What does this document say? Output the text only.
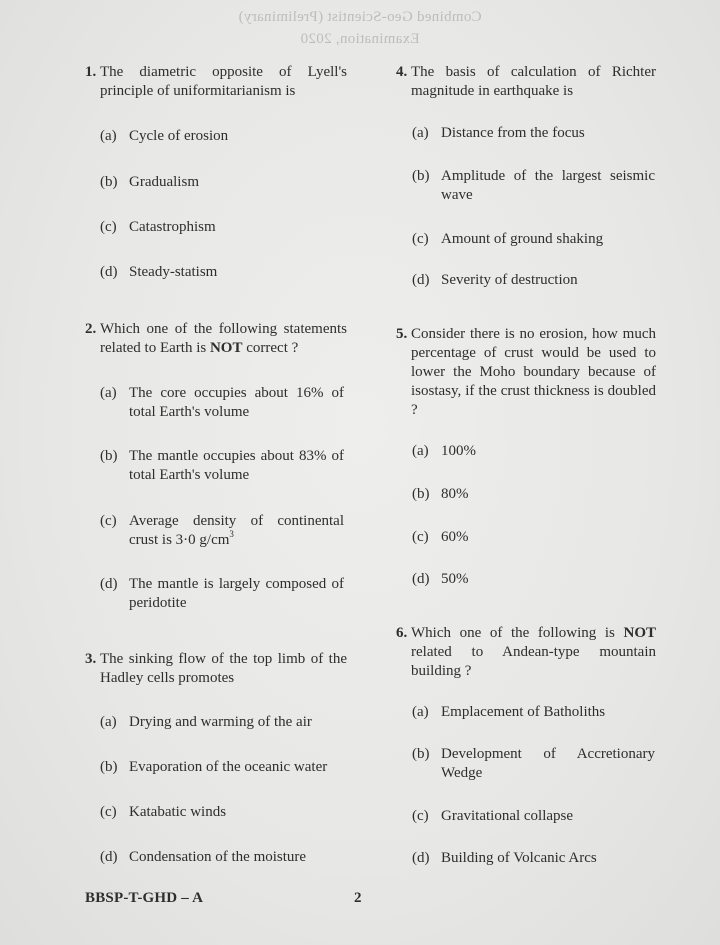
Combined Geo-Scientist (Preliminary)
Examination, 2020
1. The diametric opposite of Lyell's principle of uniformitarianism is
(a) Cycle of erosion
(b) Gradualism
(c) Catastrophism
(d) Steady-statism
2. Which one of the following statements related to Earth is NOT correct ?
(a) The core occupies about 16% of total Earth's volume
(b) The mantle occupies about 83% of total Earth's volume
(c) Average density of continental crust is 3·0 $g/cm^3$
(d) The mantle is largely composed of peridotite
3. The sinking flow of the top limb of the Hadley cells promotes
(a) Drying and warming of the air
(b) Evaporation of the oceanic water
(c) Katabatic winds
(d) Condensation of the moisture
4. The basis of calculation of Richter magnitude in earthquake is
(a) Distance from the focus
(b) Amplitude of the largest seismic wave
(c) Amount of ground shaking
(d) Severity of destruction
5. Consider there is no erosion, how much percentage of crust would be used to lower the Moho boundary because of isostasy, if the crust thickness is doubled ?
(a) 100%
(b) 80%
(c) 60%
(d) 50%
6. Which one of the following is NOT related to Andean-type mountain building ?
(a) Emplacement of Batholiths
(b) Development of Accretionary Wedge
(c) Gravitational collapse
(d) Building of Volcanic Arcs
BBSP-T-GHD – A	2
